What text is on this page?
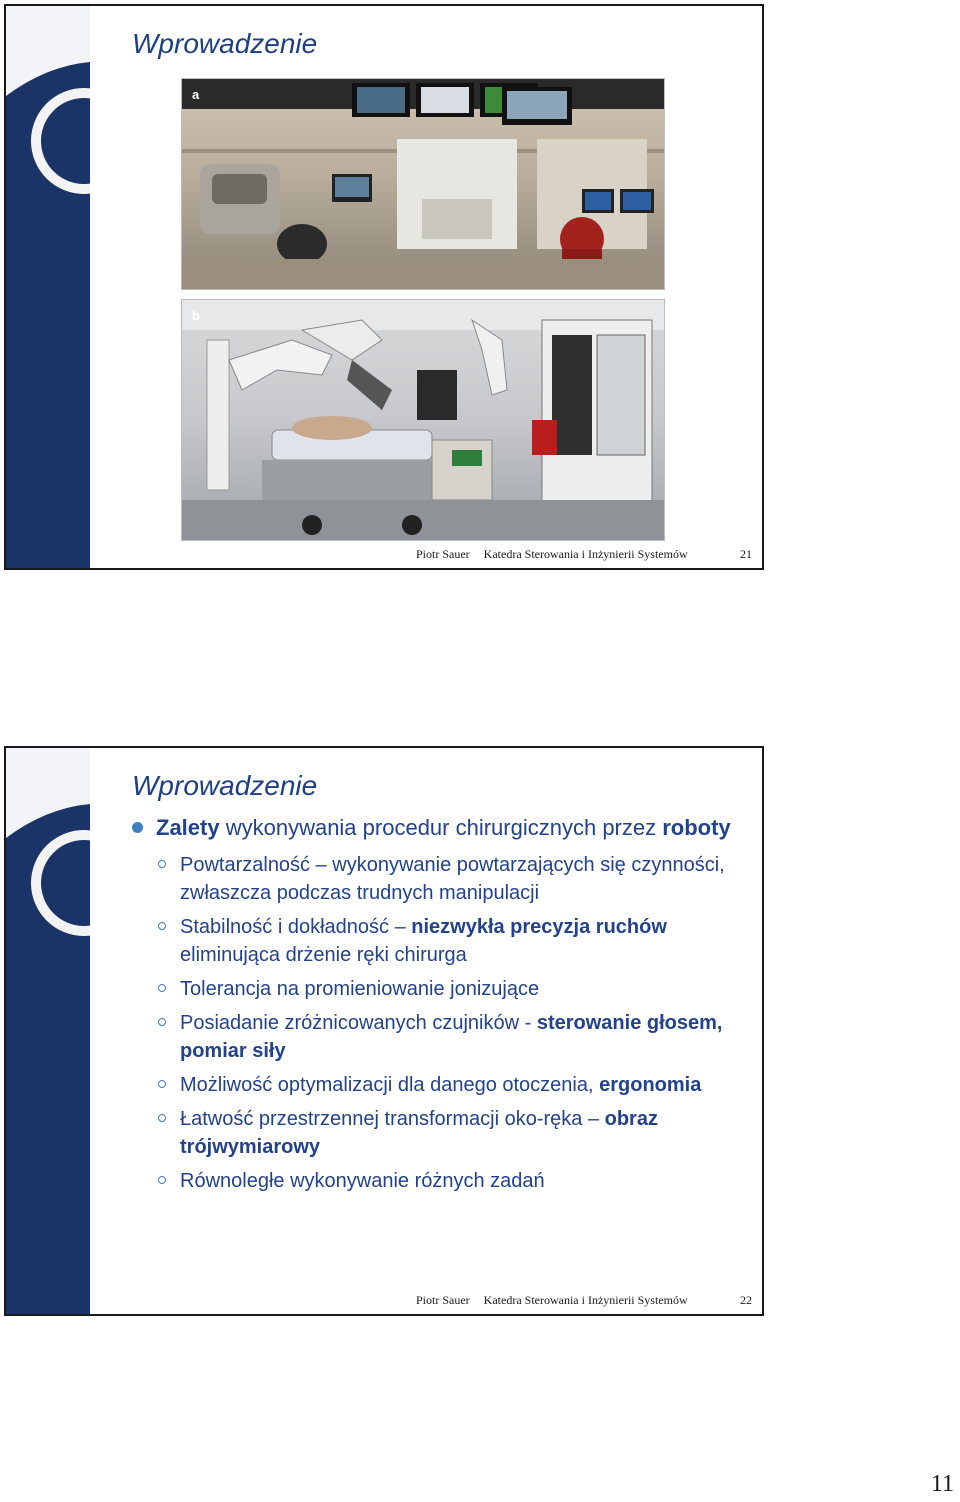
Wprowadzenie
a
b
Piotr Sauer Katedra Sterowania i Inżynierii Systemów	21
Wprowadzenie
Zalety wykonywania procedur chirurgicznych przez roboty
Powtarzalność – wykonywanie powtarzających się czynności, zwłaszcza podczas trudnych manipulacji
Stabilność i dokładność – niezwykła precyzja ruchów eliminująca drżenie ręki chirurga
Tolerancja na promieniowanie jonizujące
Posiadanie zróżnicowanych czujników - sterowanie głosem, pomiar siły
Możliwość optymalizacji dla danego otoczenia, ergonomia
Łatwość przestrzennej transformacji oko-ręka – obraz trójwymiarowy
Równoległe wykonywanie różnych zadań
Piotr Sauer Katedra Sterowania i Inżynierii Systemów	22
11
